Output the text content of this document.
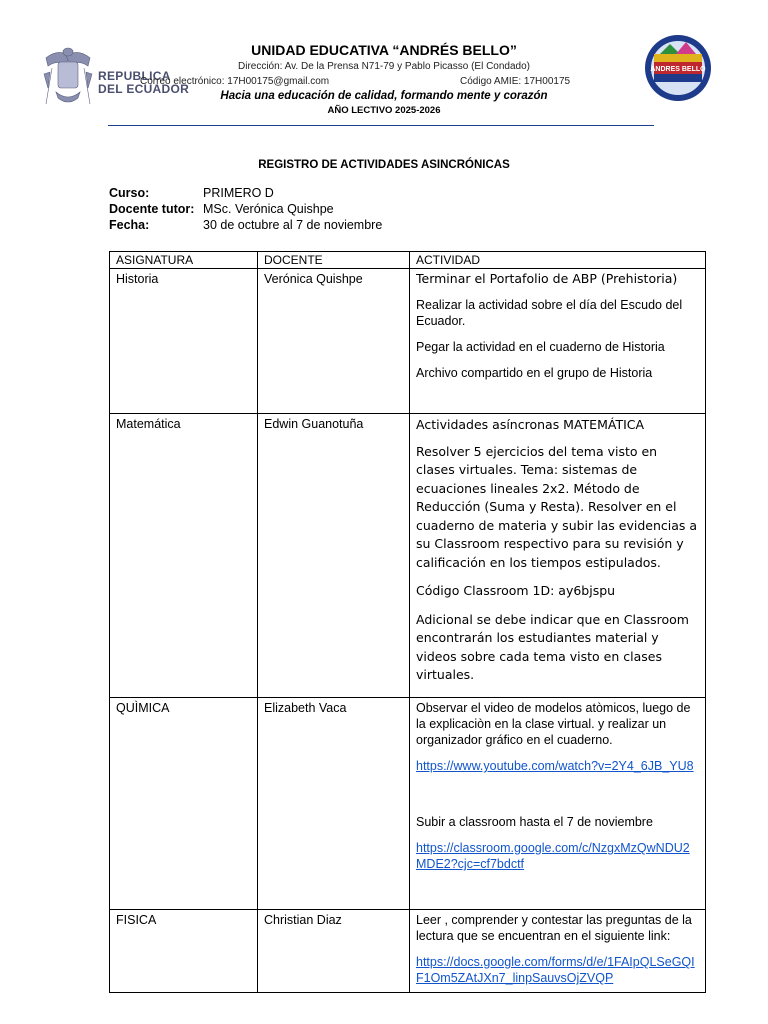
REPUBLICA
DEL ECUADOR
ANDRES BELLO
UNIDAD EDUCATIVA “ANDRÉS BELLO”
Dirección: Av. De la Prensa N71-79 y Pablo Picasso (El Condado)
Correo electrónico: 17H00175@gmail.com	Código AMIE: 17H00175
Hacia una educación de calidad, formando mente y corazón
AÑO LECTIVO 2025-2026
REGISTRO DE ACTIVIDADES ASINCRÓNICAS
Curso:	PRIMERO D
Docente tutor: MSc. Verónica Quishpe
Fecha:	30 de octubre al 7 de noviembre
ASIGNATURA	DOCENTE	ACTIVIDAD
Historia	Verónica Quishpe	Terminar el Portafolio de ABP (Prehistoria)

Realizar la actividad sobre el día del Escudo del Ecuador.

Pegar la actividad en el cuaderno de Historia

Archivo compartido en el grupo de Historia

Matemática	Edwin Guanotuña	Actividades asíncronas MATEMÁTICA

Resolver 5 ejercicios del tema visto en clases virtuales. Tema: sistemas de ecuaciones lineales 2x2. Método de Reducción (Suma y Resta). Resolver en el cuaderno de materia y subir las evidencias a su Classroom respectivo para su revisión y calificación en los tiempos estipulados.

Código Classroom 1D: ay6bjspu

Adicional se debe indicar que en Classroom encontrarán los estudiantes material y videos sobre cada tema visto en clases virtuales.

QUÌMICA	Elizabeth Vaca	Observar el video de modelos atòmicos, luego de la explicaciòn en la clase virtual. y realizar un organizador gráfico en el cuaderno.

https://www.youtube.com/watch?v=2Y4_6JB_YU8

Subir a classroom hasta el 7 de noviembre

https://classroom.google.com/c/NzgxMzQwNDU2MDE2?cjc=cf7bdctf

FISICA	Christian Diaz	Leer , comprender y contestar las preguntas de la lectura que se encuentran en el siguiente link:

https://docs.google.com/forms/d/e/1FAIpQLSeGQIF1Om5ZAtJXn7_linpSauvsOjZVQP
